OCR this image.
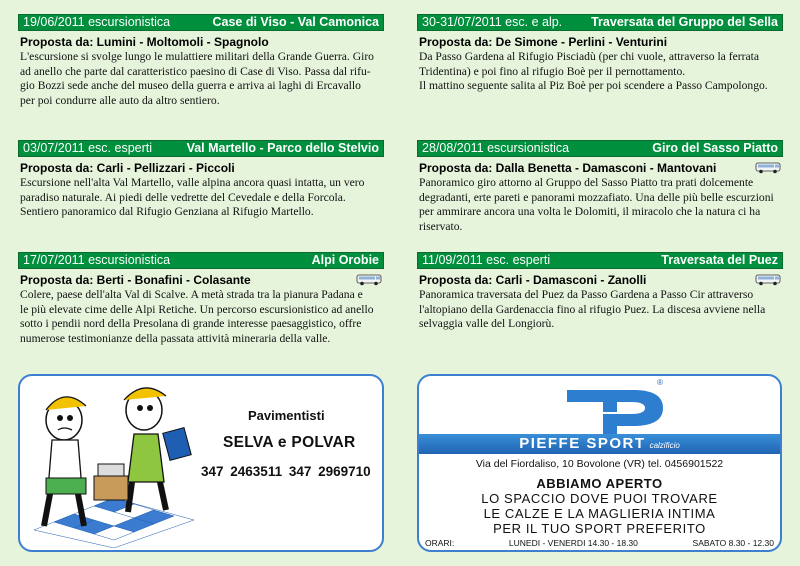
19/06/2011 escursionistica	Case di Viso - Val Camonica
Proposta da: Lumini - Moltomoli - Spagnolo
L'escursione si svolge lungo le mulattiere militari della Grande Guerra. Giro
ad anello che parte dal caratteristico paesino di Case di Viso. Passa dal rifu-
gio Bozzi sede anche del museo della guerra e arriva ai laghi di Ercavallo
per poi condurre alle auto da altro sentiero.
30-31/07/2011 esc. e alp. Traversata del Gruppo del Sella
Proposta da: De Simone - Perlini - Venturini
Da Passo Gardena al Rifugio Pisciadù (per chi vuole, attraverso la ferrata
Tridentina) e poi fino al rifugio Boè per il pernottamento.
Il mattino seguente salita al Piz Boè per poi scendere a Passo Campolongo.
03/07/2011 esc. esperti	Val Martello - Parco dello Stelvio
Proposta da: Carli - Pellizzari - Piccoli
Escursione nell'alta Val Martello, valle alpina ancora quasi intatta, un vero
paradiso naturale. Ai piedi delle vedrette del Cevedale e della Forcola.
Sentiero panoramico dal Rifugio Genziana al Rifugio Martello.
28/08/2011 escursionistica	Giro del Sasso Piatto
Proposta da: Dalla Benetta - Damasconi - Mantovani
Panoramico giro attorno al Gruppo del Sasso Piatto tra prati dolcemente
degradanti, erte pareti e panorami mozzafiato. Una delle più belle escurzioni
per ammirare ancora una volta le Dolomiti, il miracolo che la natura ci ha
riservato.
17/07/2011 escursionistica	Alpi Orobie
Proposta da: Berti - Bonafini - Colasante
Colere, paese dell'alta Val di Scalve. A metà strada tra la pianura Padana e
le più elevate cime delle Alpi Retiche. Un percorso escursionistico ad anello
sotto i pendii nord della Presolana di grande interesse paesaggistico, offre
numerose testimonianze della passata attività mineraria della valle.
11/09/2011 esc. esperti	Traversata del Puez
Proposta da: Carli - Damasconi - Zanolli
Panoramica traversata del Puez da Passo Gardena a Passo Cir attraverso
l'altopiano della Gardenaccia fino al rifugio Puez. La discesa avviene nella
selvaggia valle del Longiorù.
Pavimentisti
SELVA e POLVAR
347 2463511 347 2969710
®
PIEFFE SPORT calzificio
Via del Fiordaliso, 10 Bovolone (VR) tel. 0456901522
ABBIAMO APERTO
LO SPACCIO DOVE PUOI TROVARE
LE CALZE E LA MAGLIERIA INTIMA
PER IL TUO SPORT PREFERITO
ORARI:	LUNEDI - VENERDI 14.30 - 18.30	SABATO 8.30 - 12.30
